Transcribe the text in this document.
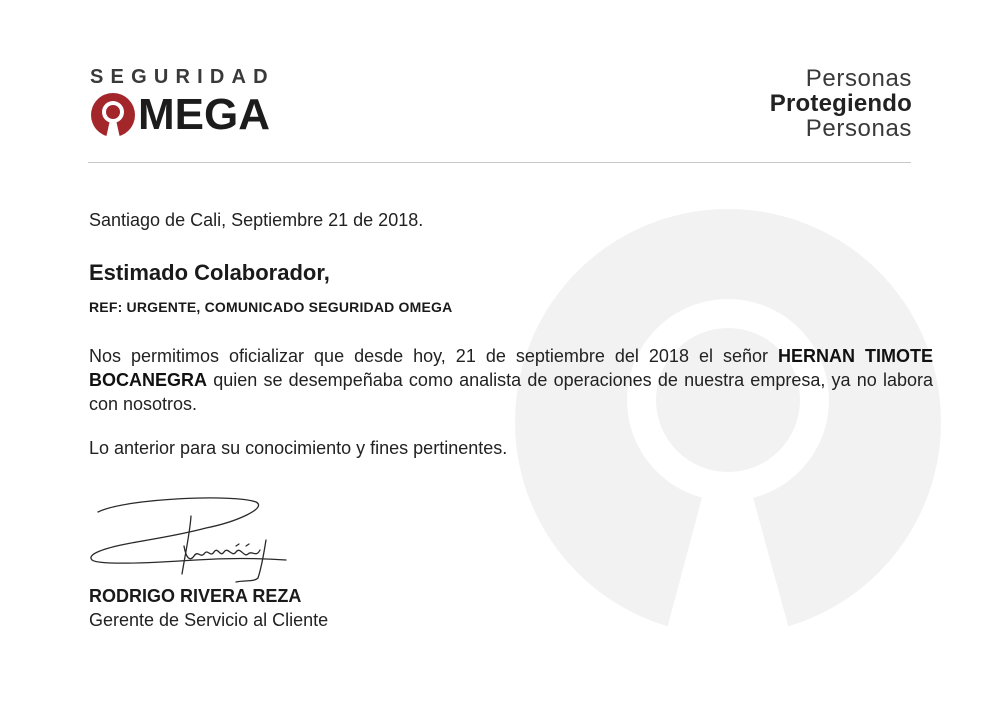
SEGURIDAD
MEGA
Personas
Protegiendo
Personas
Santiago de Cali, Septiembre 21 de 2018.
Estimado Colaborador,
REF: URGENTE, COMUNICADO SEGURIDAD OMEGA
Nos permitimos oficializar que desde hoy, 21 de septiembre del 2018 el señor HERNAN TIMOTE BOCANEGRA quien se desempeñaba como analista de operaciones de nuestra empresa, ya no labora con nosotros.
Lo anterior para su conocimiento y fines pertinentes.
RODRIGO RIVERA REZA
Gerente de Servicio al Cliente
